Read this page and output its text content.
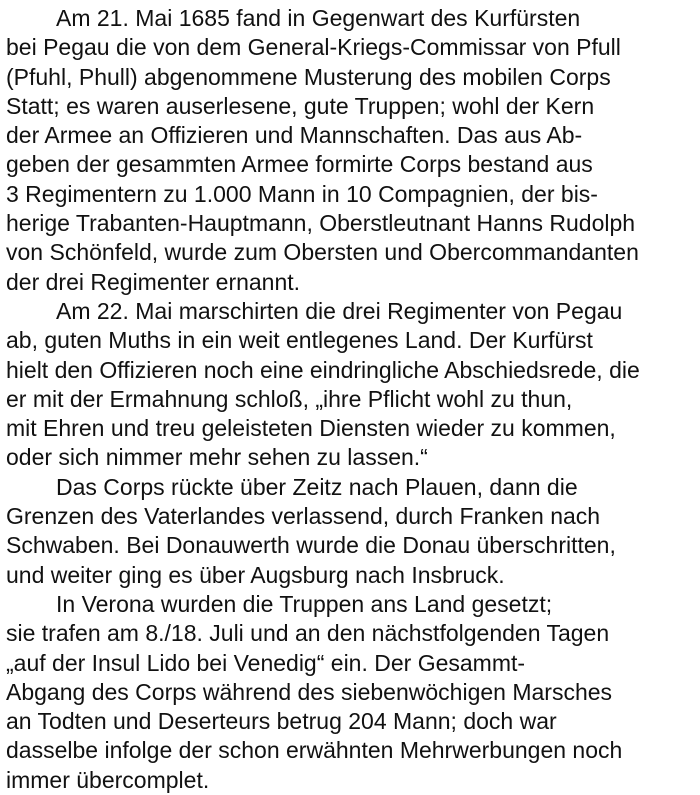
Am 21. Mai 1685 fand in Gegenwart des Kurfürsten
bei Pegau die von dem General-Kriegs-Commissar von Pfull
(Pfuhl, Phull) abgenommene Musterung des mobilen Corps
Statt; es waren auserlesene, gute Truppen; wohl der Kern
der Armee an Offizieren und Mannschaften. Das aus Ab-
geben der gesammten Armee formirte Corps bestand aus
3 Regimentern zu 1.000 Mann in 10 Compagnien, der bis-
herige Trabanten-Hauptmann, Oberstleutnant Hanns Rudolph
von Schönfeld, wurde zum Obersten und Obercommandanten
der drei Regimenter ernannt.
Am 22. Mai marschirten die drei Regimenter von Pegau
ab, guten Muths in ein weit entlegenes Land. Der Kurfürst
hielt den Offizieren noch eine eindringliche Abschiedsrede, die
er mit der Ermahnung schloß, „ihre Pflicht wohl zu thun,
mit Ehren und treu geleisteten Diensten wieder zu kommen,
oder sich nimmer mehr sehen zu lassen.“
Das Corps rückte über Zeitz nach Plauen, dann die
Grenzen des Vaterlandes verlassend, durch Franken nach
Schwaben. Bei Donauwerth wurde die Donau überschritten,
und weiter ging es über Augsburg nach Insbruck.
In Verona wurden die Truppen ans Land gesetzt;
sie trafen am 8./18. Juli und an den nächstfolgenden Tagen
„auf der Insul Lido bei Venedig“ ein. Der Gesammt-
Abgang des Corps während des siebenwöchigen Marsches
an Todten und Deserteurs betrug 204 Mann; doch war
dasselbe infolge der schon erwähnten Mehrwerbungen noch
immer übercomplet.
